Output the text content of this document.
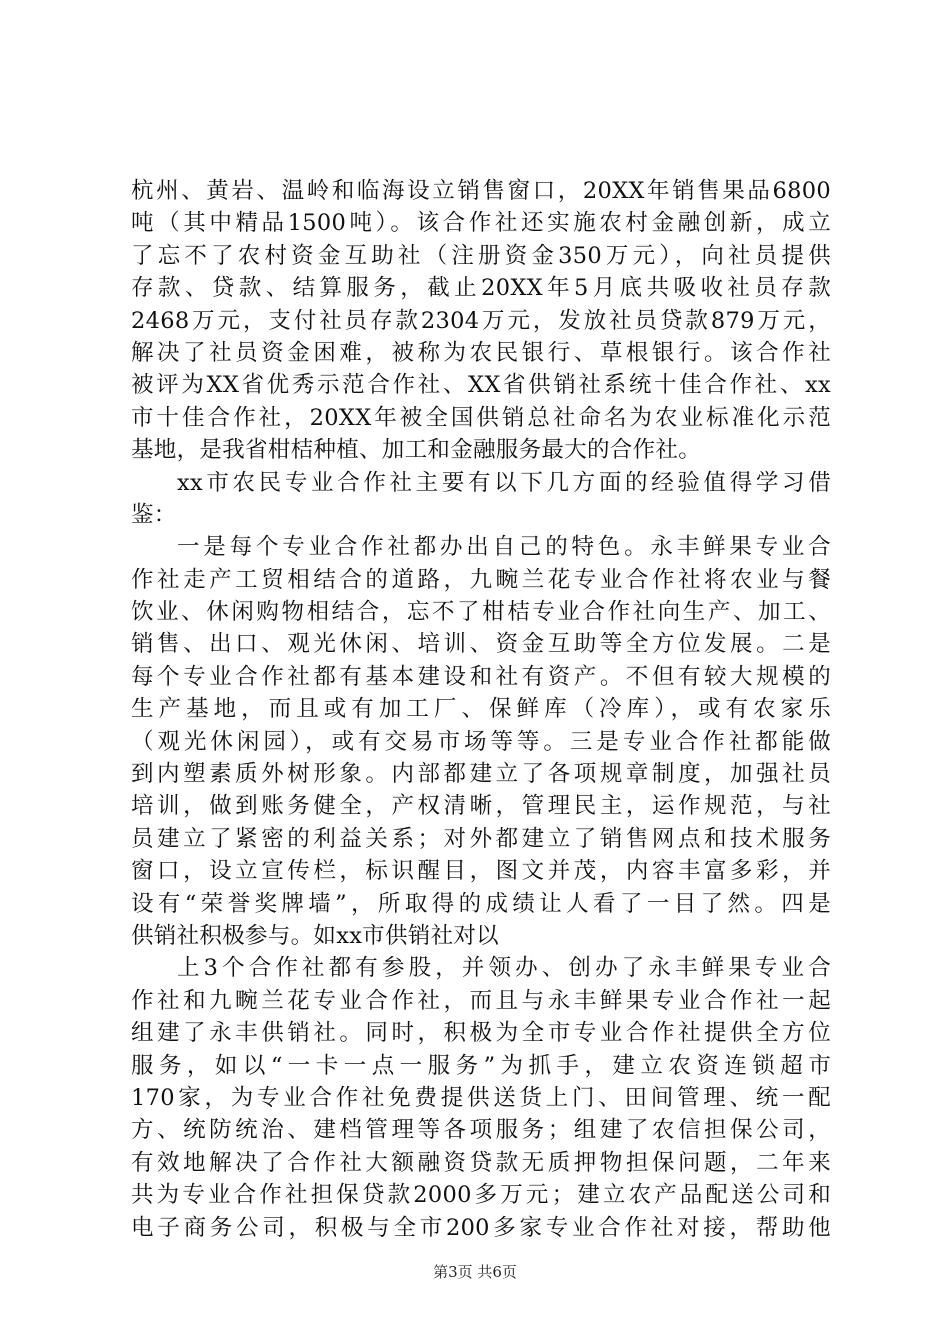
杭州、黄岩、温岭和临海设立销售窗口，20XX年销售果品6800
吨（其中精品1500吨）。该合作社还实施农村金融创新，成立
了忘不了农村资金互助社（注册资金350万元），向社员提供
存款、贷款、结算服务，截止20XX年5月底共吸收社员存款
2468万元，支付社员存款2304万元，发放社员贷款879万元，
解决了社员资金困难，被称为农民银行、草根银行。该合作社
被评为XX省优秀示范合作社、XX省供销社系统十佳合作社、xx
市十佳合作社，20XX年被全国供销总社命名为农业标准化示范
基地，是我省柑桔种植、加工和金融服务最大的合作社。
xx市农民专业合作社主要有以下几方面的经验值得学习借
鉴：
一是每个专业合作社都办出自己的特色。永丰鲜果专业合
作社走产工贸相结合的道路，九畹兰花专业合作社将农业与餐
饮业、休闲购物相结合，忘不了柑桔专业合作社向生产、加工、
销售、出口、观光休闲、培训、资金互助等全方位发展。二是
每个专业合作社都有基本建设和社有资产。不但有较大规模的
生产基地，而且或有加工厂、保鲜库（冷库），或有农家乐
（观光休闲园），或有交易市场等等。三是专业合作社都能做
到内塑素质外树形象。内部都建立了各项规章制度，加强社员
培训，做到账务健全，产权清晰，管理民主，运作规范，与社
员建立了紧密的利益关系；对外都建立了销售网点和技术服务
窗口，设立宣传栏，标识醒目，图文并茂，内容丰富多彩，并
设有“荣誉奖牌墙”，所取得的成绩让人看了一目了然。四是
供销社积极参与。如xx市供销社对以
上3个合作社都有参股，并领办、创办了永丰鲜果专业合
作社和九畹兰花专业合作社，而且与永丰鲜果专业合作社一起
组建了永丰供销社。同时，积极为全市专业合作社提供全方位
服务，如以“一卡一点一服务”为抓手，建立农资连锁超市
170家，为专业合作社免费提供送货上门、田间管理、统一配
方、统防统治、建档管理等各项服务；组建了农信担保公司，
有效地解决了合作社大额融资贷款无质押物担保问题，二年来
共为专业合作社担保贷款2000多万元；建立农产品配送公司和
电子商务公司，积极与全市200多家专业合作社对接，帮助他
第3页 共6页
